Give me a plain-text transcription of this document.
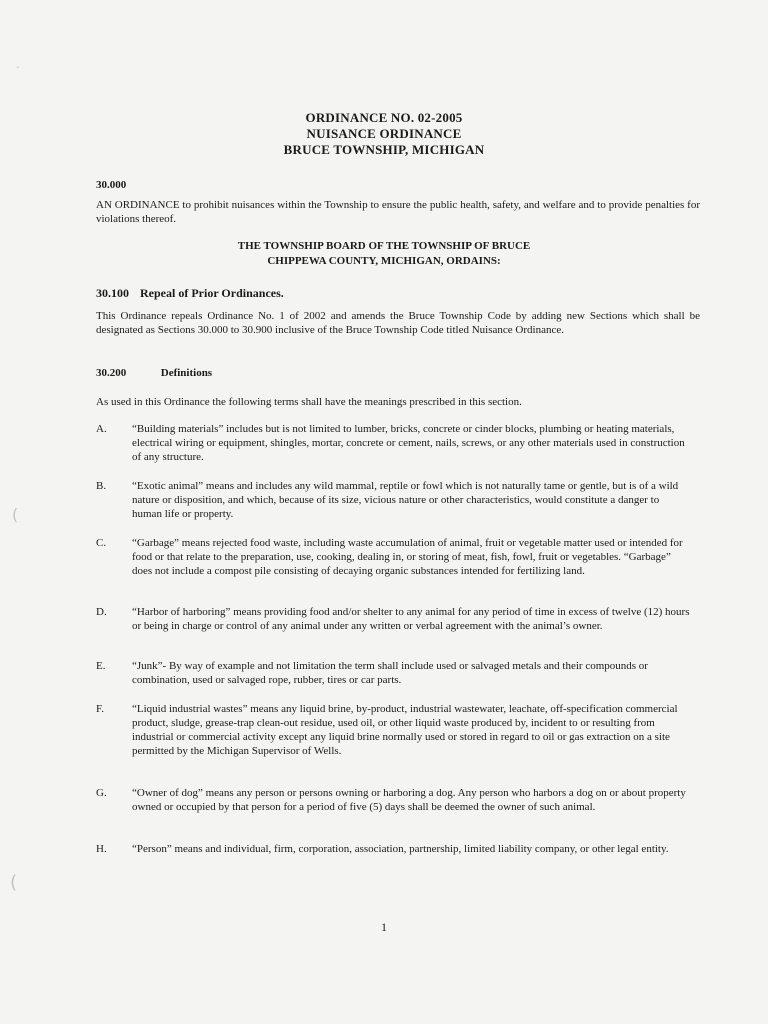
-
(
(
ORDINANCE NO. 02-2005
NUISANCE ORDINANCE
BRUCE TOWNSHIP, MICHIGAN
30.000
AN ORDINANCE to prohibit nuisances within the Township to ensure the public health, safety, and welfare and to provide penalties for violations thereof.
THE TOWNSHIP BOARD OF THE TOWNSHIP OF BRUCE
CHIPPEWA COUNTY, MICHIGAN, ORDAINS:
30.100 Repeal of Prior Ordinances.
This Ordinance repeals Ordinance No. 1 of 2002 and amends the Bruce Township Code by adding new Sections which shall be designated as Sections 30.000 to 30.900 inclusive of the Bruce Township Code titled Nuisance Ordinance.
30.200	Definitions
As used in this Ordinance the following terms shall have the meanings prescribed in this section.
A. “Building materials” includes but is not limited to lumber, bricks, concrete or cinder blocks, plumbing or heating materials, electrical wiring or equipment, shingles, mortar, concrete or cement, nails, screws, or any other materials used in construction of any structure.
B. “Exotic animal” means and includes any wild mammal, reptile or fowl which is not naturally tame or gentle, but is of a wild nature or disposition, and which, because of its size, vicious nature or other characteristics, would constitute a danger to human life or property.
C. “Garbage” means rejected food waste, including waste accumulation of animal, fruit or vegetable matter used or intended for food or that relate to the preparation, use, cooking, dealing in, or storing of meat, fish, fowl, fruit or vegetables. “Garbage” does not include a compost pile consisting of decaying organic substances intended for fertilizing land.
D. “Harbor of harboring” means providing food and/or shelter to any animal for any period of time in excess of twelve (12) hours or being in charge or control of any animal under any written or verbal agreement with the animal’s owner.
E. “Junk”- By way of example and not limitation the term shall include used or salvaged metals and their compounds or combination, used or salvaged rope, rubber, tires or car parts.
F.	“Liquid industrial wastes” means any liquid brine, by-product, industrial wastewater, leachate, off-specification commercial product, sludge, grease-trap clean-out residue, used oil, or other liquid waste produced by, incident to or resulting from industrial or commercial activity except any liquid brine normally used or stored in regard to oil or gas extraction on a site permitted by the Michigan Supervisor of Wells.
G. “Owner of dog” means any person or persons owning or harboring a dog. Any person who harbors a dog on or about property owned or occupied by that person for a period of five (5) days shall be deemed the owner of such animal.
H. “Person” means and individual, firm, corporation, association, partnership, limited liability company, or other legal entity.
1
